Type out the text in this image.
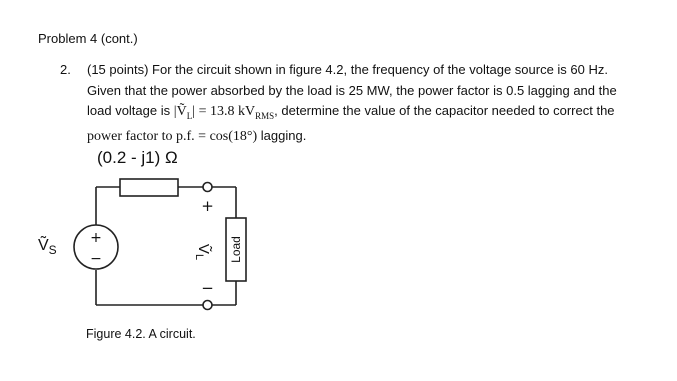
Problem 4 (cont.)
2. (15 points) For the circuit shown in figure 4.2, the frequency of the voltage source is 60 Hz.
Given that the power absorbed by the load is 25 MW, the power factor is 0.5 lagging and the
load voltage is |Ṽ$_L$| = 13.8 $kV_{RMS}$, determine the value of the capacitor needed to correct the
power factor to p.f. = cos(18°) lagging.
(0.2 - j1) Ω
+
−
Ṽ$_S$
+
−
Ṽ$_L$	Load
Figure 4.2. A circuit.
